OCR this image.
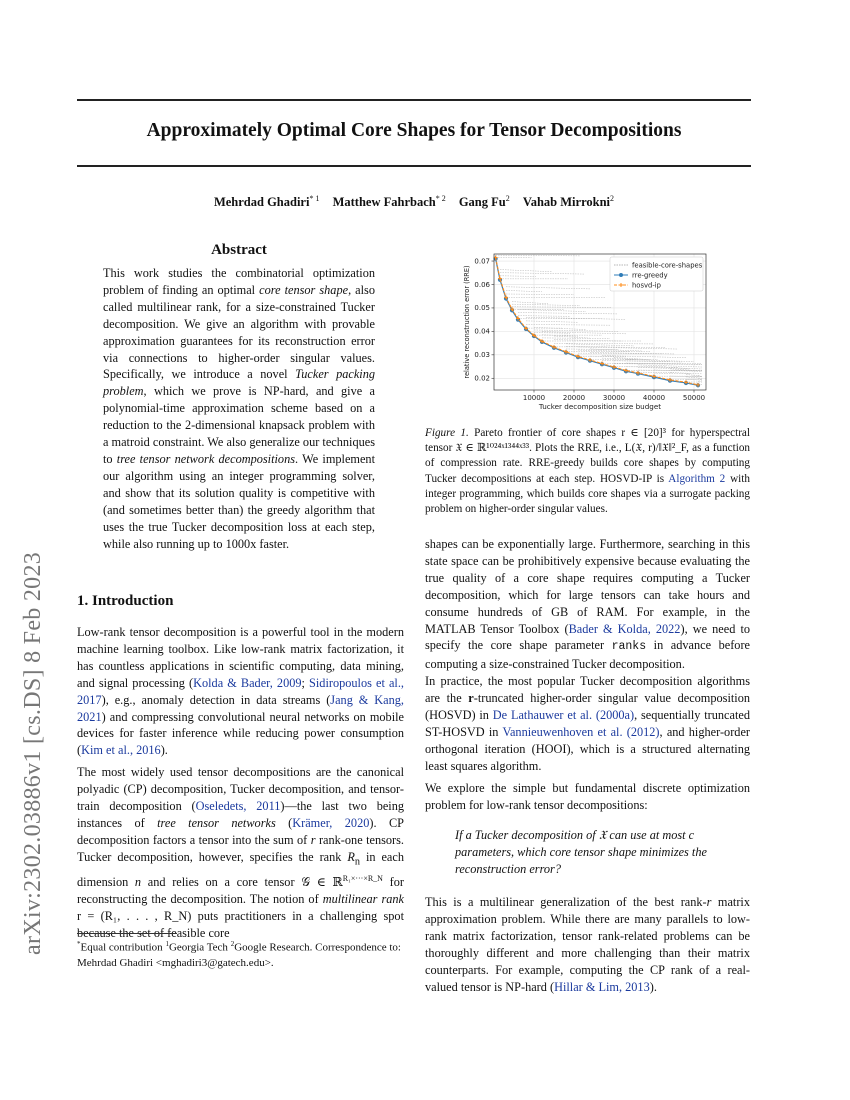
Approximately Optimal Core Shapes for Tensor Decompositions
Mehrdad Ghadiri$^{* 1}$ Matthew Fahrbach$^{* 2}$ Gang Fu$^2$ Vahab Mirrokni$^2$
arXiv:2302.03886v1 [cs.DS] 8 Feb 2023
Abstract
This work studies the combinatorial optimization problem of finding an optimal core tensor shape, also called multilinear rank, for a size-constrained Tucker decomposition. We give an algorithm with provable approximation guarantees for its reconstruction error via connections to higher-order singular values. Specifically, we introduce a novel Tucker packing problem, which we prove is NP-hard, and give a polynomial-time approximation scheme based on a reduction to the 2-dimensional knapsack problem with a matroid constraint. We also generalize our techniques to tree tensor network decompositions. We implement our algorithm using an integer programming solver, and show that its solution quality is competitive with (and sometimes better than) the greedy algorithm that uses the true Tucker decomposition loss at each step, while also running up to 1000x faster.
1. Introduction
Low-rank tensor decomposition is a powerful tool in the modern machine learning toolbox. Like low-rank matrix factorization, it has countless applications in scientific computing, data mining, and signal processing (Kolda & Bader, 2009; Sidiropoulos et al., 2017), e.g., anomaly detection in data streams (Jang & Kang, 2021) and compressing convolutional neural networks on mobile devices for faster inference while reducing power consumption (Kim et al., 2016).
The most widely used tensor decompositions are the canonical polyadic (CP) decomposition, Tucker decomposition, and tensor-train decomposition (Oseledets, 2011)—the last two being instances of tree tensor networks (Krämer, 2020). CP decomposition factors a tensor into the sum of r rank-one tensors. Tucker decomposition, however, specifies the rank $R_n$ in each dimension n and relies on a core tensor 𝒢 ∈ ℝ$^{R_1\times\cdot\cdot\cdot\times R\_N}$ for reconstructing the decomposition. The notion of multilinear rank r = (R₁, . . . , R_N) puts practitioners in a challenging spot because the set of feasible core
*Equal contribution $^1$Georgia Tech $^2$Google Research. Correspondence to: Mehrdad Ghadiri <mghadiri3@gatech.edu>.
10000	20000	30000	40000	50000
0.02
0.03
0.04
0.05
0.06
0.07
Tucker decomposition size budget
relative reconstruction error (RRE)
feasible-core-shapes
rre-greedy
hosvd-ip
Figure 1. Pareto frontier of core shapes r ∈ [20]³ for hyperspectral tensor 𝔛 ∈ ℝ¹⁰²⁴ˣ¹³⁴⁴ˣ³³. Plots the RRE, i.e., L(𝔛, r)/‖𝔛‖²_F, as a function of compression rate. RRE-greedy builds core shapes by computing Tucker decompositions at each step. HOSVD-IP is Algorithm 2 with integer programming, which builds core shapes via a surrogate packing problem on higher-order singular values.
shapes can be exponentially large. Furthermore, searching in this state space can be prohibitively expensive because evaluating the true quality of a core shape requires computing a Tucker decomposition, which for large tensors can take hours and consume hundreds of GB of RAM. For example, in the MATLAB Tensor Toolbox (Bader & Kolda, 2022), we need to specify the core shape parameter ranks in advance before computing a size-constrained Tucker decomposition.
In practice, the most popular Tucker decomposition algorithms are the r-truncated higher-order singular value decomposition (HOSVD) in De Lathauwer et al. (2000a), sequentially truncated ST-HOSVD in Vannieuwenhoven et al. (2012), and higher-order orthogonal iteration (HOOI), which is a structured alternating least squares algorithm.
We explore the simple but fundamental discrete optimization problem for low-rank tensor decompositions:
If a Tucker decomposition of 𝔛 can use at most c parameters, which core tensor shape minimizes the reconstruction error?
This is a multilinear generalization of the best rank-r matrix approximation problem. While there are many parallels to low-rank matrix factorization, tensor rank-related problems can be thoroughly different and more challenging than their matrix counterparts. For example, computing the CP rank of a real-valued tensor is NP-hard (Hillar & Lim, 2013).
